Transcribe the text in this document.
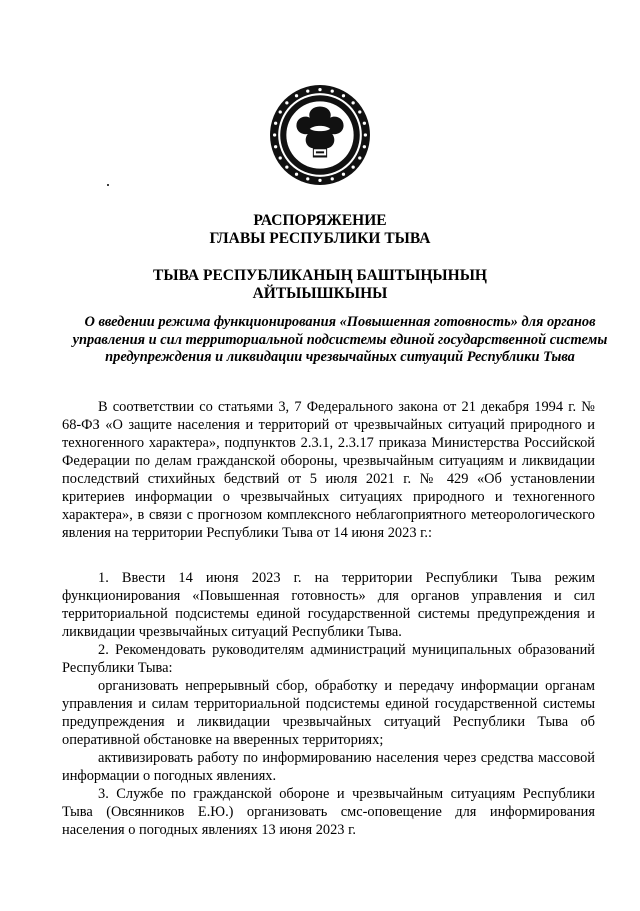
РАСПОРЯЖЕНИЕ
ГЛАВЫ РЕСПУБЛИКИ ТЫВА
ТЫВА РЕСПУБЛИКАНЫҢ БАШТЫҢЫНЫҢ
АЙТЫЫШКЫНЫ
О введении режима функционирования «Повышенная готовность» для органов управления и сил территориальной подсистемы единой государственной системы предупреждения и ликвидации чрезвычайных ситуаций Республики Тыва

В соответствии со статьями 3, 7 Федерального закона от 21 декабря 1994 г. № 68-ФЗ «О защите населения и территорий от чрезвычайных ситуаций природного и техногенного характера», подпунктов 2.3.1, 2.3.17 приказа Министерства Российской Федерации по делам гражданской обороны, чрезвычайным ситуациям и ликвидации последствий стихийных бедствий от 5 июля 2021 г. № 429 «Об установлении критериев информации о чрезвычайных ситуациях природного и техногенного характера», в связи с прогнозом комплексного неблагоприятного метеорологического явления на территории Республики Тыва от 14 июня 2023 г.:

1. Ввести 14 июня 2023 г. на территории Республики Тыва режим функционирования «Повышенная готовность» для органов управления и сил территориальной подсистемы единой государственной системы предупреждения и ликвидации чрезвычайных ситуаций Республики Тыва.

2. Рекомендовать руководителям администраций муниципальных образований Республики Тыва:

организовать непрерывный сбор, обработку и передачу информации органам управления и силам территориальной подсистемы единой государственной системы предупреждения и ликвидации чрезвычайных ситуаций Республики Тыва об оперативной обстановке на вверенных территориях;

активизировать работу по информированию населения через средства массовой информации о погодных явлениях.

3. Службе по гражданской обороне и чрезвычайным ситуациям Республики Тыва (Овсянников Е.Ю.) организовать смс-оповещение для информирования населения о погодных явлениях 13 июня 2023 г.
